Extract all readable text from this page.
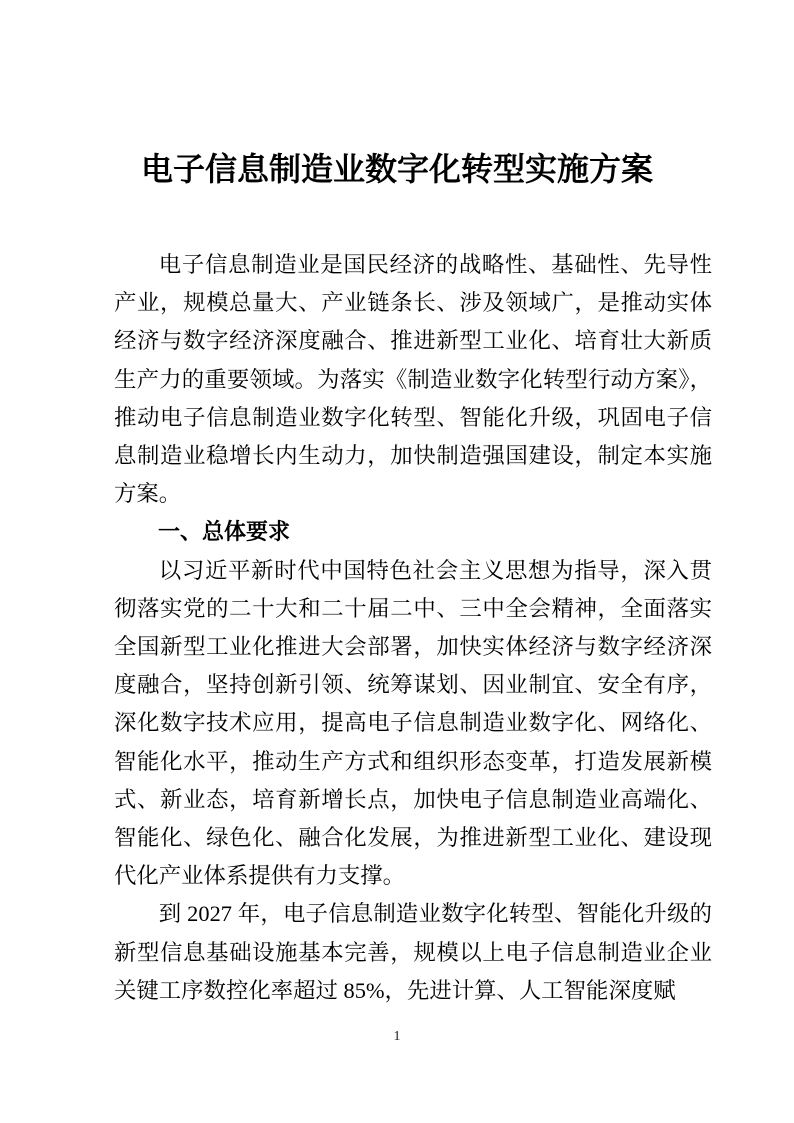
电子信息制造业数字化转型实施方案

电子信息制造业是国民经济的战略性、基础性、先导性产业，规模总量大、产业链条长、涉及领域广，是推动实体经济与数字经济深度融合、推进新型工业化、培育壮大新质生产力的重要领域。为落实《制造业数字化转型行动方案》，推动电子信息制造业数字化转型、智能化升级，巩固电子信息制造业稳增长内生动力，加快制造强国建设，制定本实施方案。

一、总体要求

以习近平新时代中国特色社会主义思想为指导，深入贯彻落实党的二十大和二十届二中、三中全会精神，全面落实全国新型工业化推进大会部署，加快实体经济与数字经济深度融合，坚持创新引领、统筹谋划、因业制宜、安全有序，深化数字技术应用，提高电子信息制造业数字化、网络化、智能化水平，推动生产方式和组织形态变革，打造发展新模式、新业态，培育新增长点，加快电子信息制造业高端化、智能化、绿色化、融合化发展，为推进新型工业化、建设现代化产业体系提供有力支撑。

到 2027 年，电子信息制造业数字化转型、智能化升级的新型信息基础设施基本完善，规模以上电子信息制造业企业关键工序数控化率超过 85%，先进计算、人工智能深度赋

1
